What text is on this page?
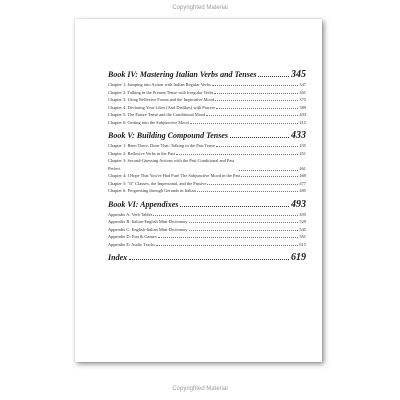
Copyrighted Material
Book IV: Mastering Italian Verbs and Tenses	345
Chapter 1: Jumping into Action with Italian Regular Verbs	347
Chapter 2: Talking in the Present Tense with Irregular Verbs	361
Chapter 3: Using Reflexive Forms and the Imperative Mood	375
Chapter 4: Declaring Your Likes (And Dislikes) with Piacere	389
Chapter 5: The Future Tense and the Conditional Mood	403
Chapter 6: Getting into the Subjunctive Mood	415
Book V: Building Compound Tenses	433
Chapter 1: Been There, Done That: Talking in the Past Tense	435
Chapter 2: Reflexive Verbs in the Past	451
Chapter 3: Second-Guessing Actions with the Past Conditional and Past Perfect	461
Chapter 4: I Hope That You've Had Fun! The Subjunctive Mood in the Past	469
Chapter 5: "If" Clauses, the Impersonal, and the Passive	477
Chapter 6: Progressing through Gerunds in Italian	485
Book VI: Appendixes	493
Appendix A: Verb Tables	495
Appendix B: Italian-English Mini-Dictionary	529
Appendix C: English-Italian Mini-Dictionary	545
Appendix D: Fun & Games	561
Appendix E: Audio Tracks	615
Index	619
Copyrighted Material
